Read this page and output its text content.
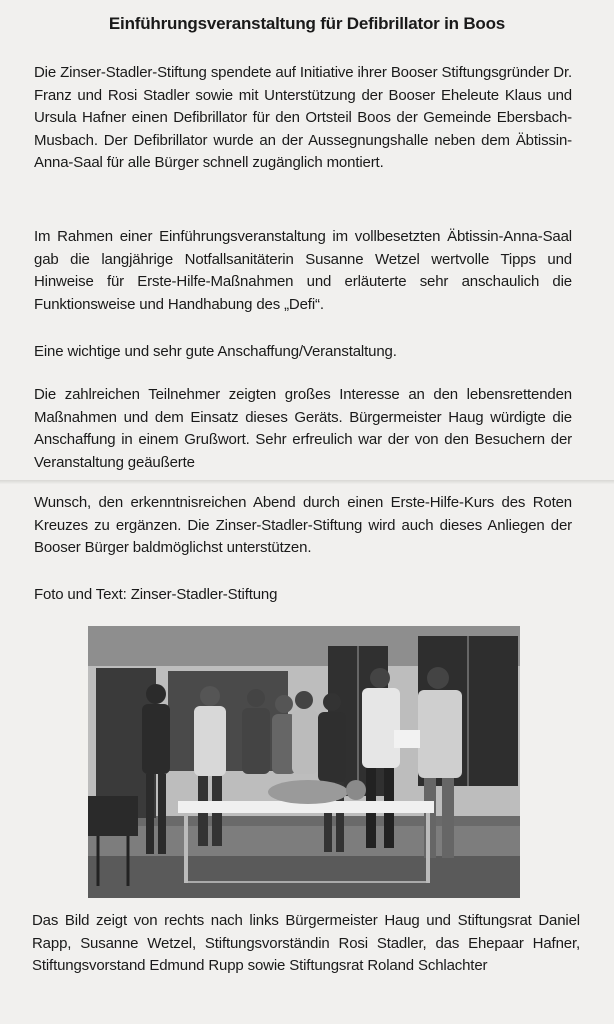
Einführungsveranstaltung für Defibrillator in Boos
Die Zinser-Stadler-Stiftung spendete auf Initiative ihrer Booser Stiftungsgründer Dr. Franz und Rosi Stadler sowie mit Unterstützung der Booser Eheleute Klaus und Ursula Hafner einen Defibrillator für den Ortsteil Boos der Gemeinde Ebersbach-Musbach. Der Defibrillator wurde an der Aussegnungshalle neben dem Äbtissin-Anna-Saal für alle Bürger schnell zugänglich montiert.
Im Rahmen einer Einführungsveranstaltung im vollbesetzten Äbtissin-Anna-Saal gab die langjährige Notfallsanitäterin Susanne Wetzel wertvolle Tipps und Hinweise für Erste-Hilfe-Maßnahmen und erläuterte sehr anschaulich die Funktionsweise und Handhabung des „Defi“.
Eine wichtige und sehr gute Anschaffung/Veranstaltung.
Die zahlreichen Teilnehmer zeigten großes Interesse an den lebensrettenden Maßnahmen und dem Einsatz dieses Geräts. Bürgermeister Haug würdigte die Anschaffung in einem Grußwort. Sehr erfreulich war der von den Besuchern der Veranstaltung geäußerte
Wunsch, den erkenntnisreichen Abend durch einen Erste-Hilfe-Kurs des Roten Kreuzes zu ergänzen. Die Zinser-Stadler-Stiftung wird auch dieses Anliegen der Booser Bürger baldmöglichst unterstützen.
Foto und Text: Zinser-Stadler-Stiftung
Das Bild zeigt von rechts nach links Bürgermeister Haug und Stiftungsrat Daniel Rapp, Susanne Wetzel, Stiftungsvorständin Rosi Stadler, das Ehepaar Hafner, Stiftungsvorstand Edmund Rupp sowie Stiftungsrat Roland Schlachter
